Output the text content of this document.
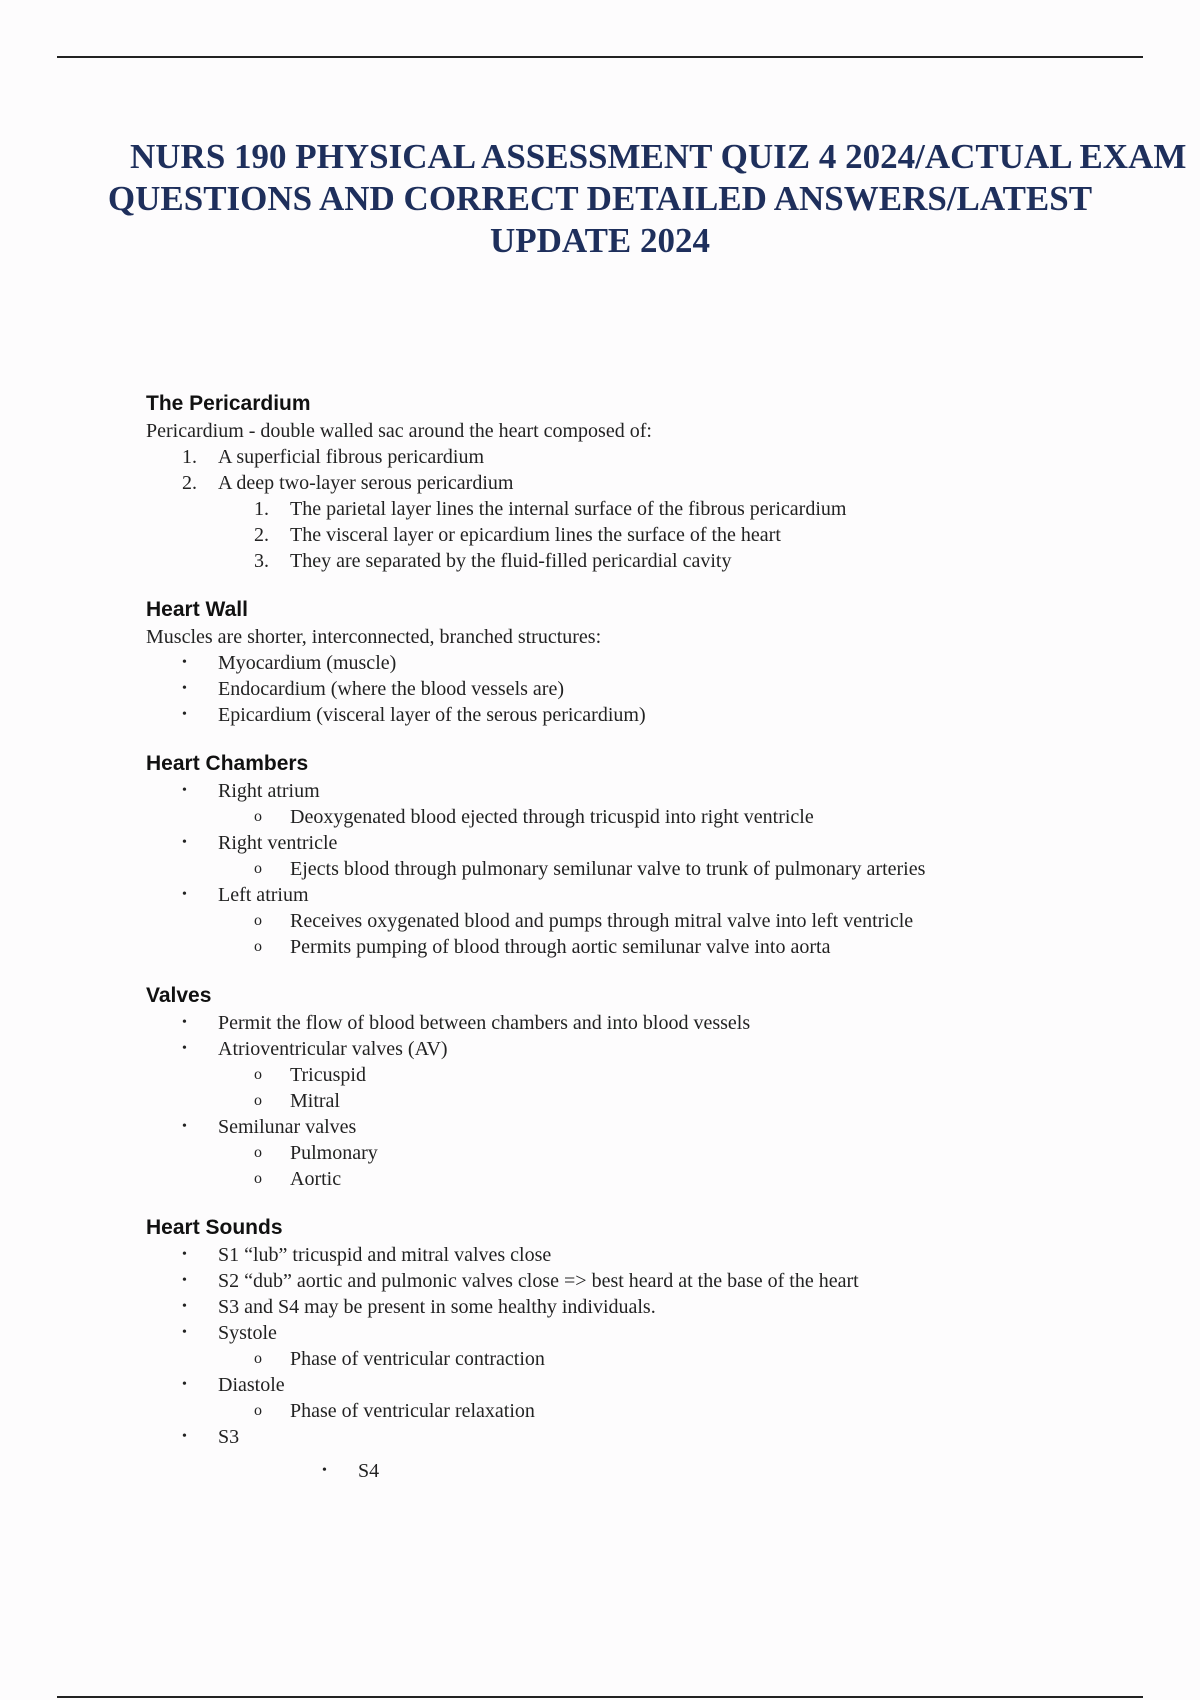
NURS 190 PHYSICAL ASSESSMENT QUIZ 4 2024/ACTUAL EXAM
QUESTIONS AND CORRECT DETAILED ANSWERS/LATEST
UPDATE 2024
The Pericardium

Pericardium - double walled sac around the heart composed of:

1.	A superficial fibrous pericardium
2.	A deep two-layer serous pericardium
1.	The parietal layer lines the internal surface of the fibrous pericardium
2.	The visceral layer or epicardium lines the surface of the heart
3.	They are separated by the fluid-filled pericardial cavity
Heart Wall

Muscles are shorter, interconnected, branched structures:

•	Myocardium (muscle)
•	Endocardium (where the blood vessels are)
•	Epicardium (visceral layer of the serous pericardium)
Heart Chambers
•	Right atrium
o	Deoxygenated blood ejected through tricuspid into right ventricle
•	Right ventricle
o	Ejects blood through pulmonary semilunar valve to trunk of pulmonary arteries
•	Left atrium
o	Receives oxygenated blood and pumps through mitral valve into left ventricle
o	Permits pumping of blood through aortic semilunar valve into aorta
Valves
•	Permit the flow of blood between chambers and into blood vessels
•	Atrioventricular valves (AV)
o	Tricuspid
o	Mitral
•	Semilunar valves
o	Pulmonary
o	Aortic
Heart Sounds
•	S1 “lub” tricuspid and mitral valves close
•	S2 “dub” aortic and pulmonic valves close => best heard at the base of the heart
•	S3 and S4 may be present in some healthy individuals.
•	Systole
o	Phase of ventricular contraction
•	Diastole
o	Phase of ventricular relaxation
•	S3
•	S4
